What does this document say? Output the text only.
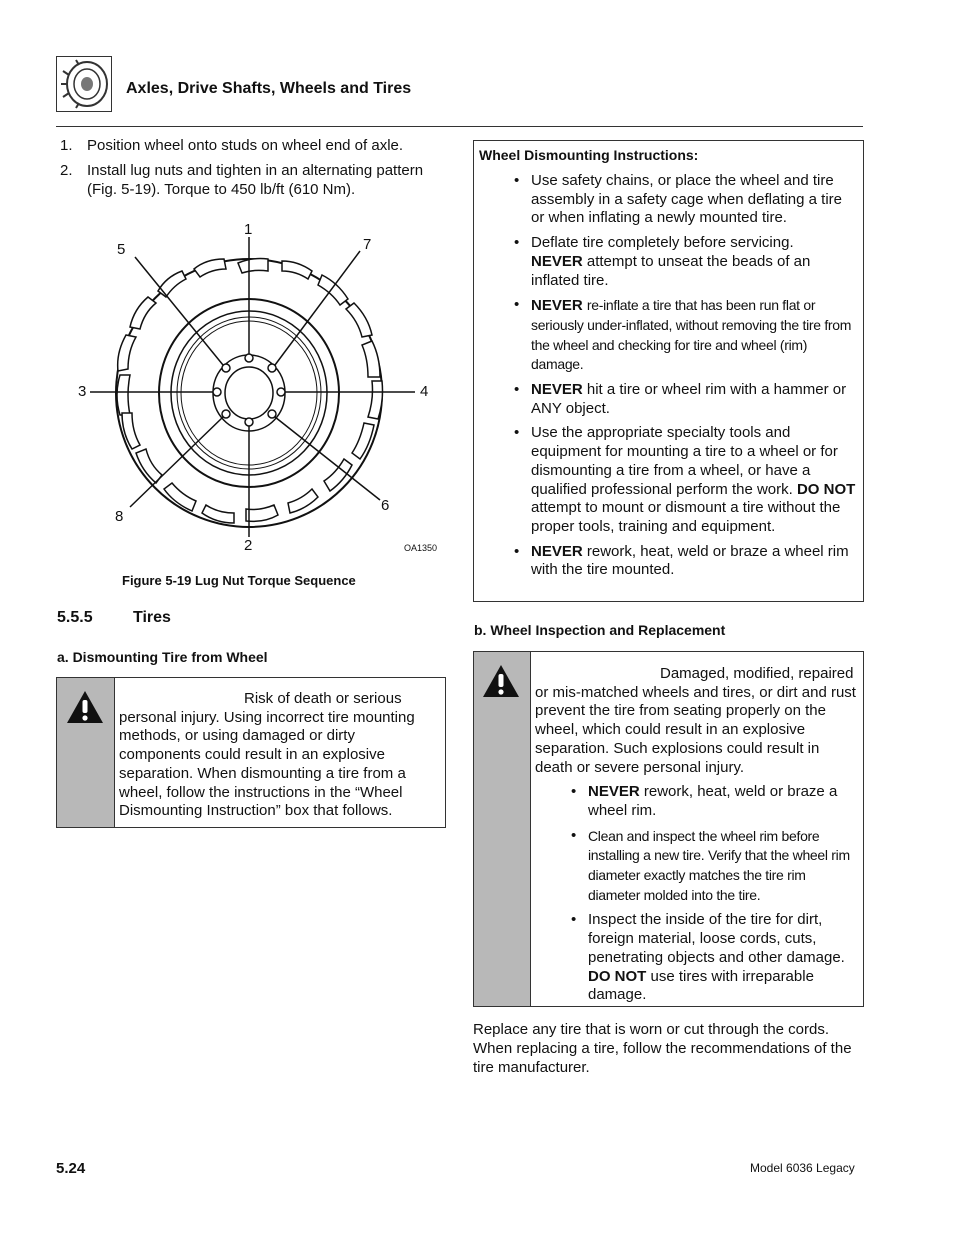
Axles, Drive Shafts, Wheels and Tires
1. Position wheel onto studs on wheel end of axle.
2. Install lug nuts and tighten in an alternating pattern (Fig. 5-19). Torque to 450 lb/ft (610 Nm).
1
2
3	4
5
6
7
8
OA1350
Figure 5-19 Lug Nut Torque Sequence
5.5.5	Tires
a. Dismounting Tire from Wheel
Risk of death or serious personal injury. Using incorrect tire mounting methods, or using damaged or dirty components could result in an explosive separation. When dismounting a tire from a wheel, follow the instructions in the “Wheel Dismounting Instruction” box that follows.
Wheel Dismounting Instructions:
• Use safety chains, or place the wheel and tire assembly in a safety cage when deflating a tire or when inflating a newly mounted tire.
• Deflate tire completely before servicing.
NEVER attempt to unseat the beads of an inflated tire.
• NEVER re-inflate a tire that has been run flat or seriously under-inflated, without removing the tire from the wheel and checking for tire and wheel (rim) damage.
• NEVER hit a tire or wheel rim with a hammer or ANY object.
• Use the appropriate specialty tools and equipment for mounting a tire to a wheel or for dismounting a tire from a wheel, or have a qualified professional perform the work. DO NOT attempt to mount or dismount a tire without the proper tools, training and equipment.
• NEVER rework, heat, weld or braze a wheel rim with the tire mounted.
b. Wheel Inspection and Replacement
Damaged, modified, repaired or mis-matched wheels and tires, or dirt and rust prevent the tire from seating properly on the wheel, which could result in an explosive separation. Such explosions could result in death or severe personal injury.
• NEVER rework, heat, weld or braze a wheel rim.
• Clean and inspect the wheel rim before installing a new tire. Verify that the wheel rim diameter exactly matches the tire rim diameter molded into the tire.
• Inspect the inside of the tire for dirt, foreign material, loose cords, cuts, penetrating objects and other damage. DO NOT use tires with irreparable damage.
Replace any tire that is worn or cut through the cords. When replacing a tire, follow the recommendations of the tire manufacturer.
5.24	Model 6036 Legacy
